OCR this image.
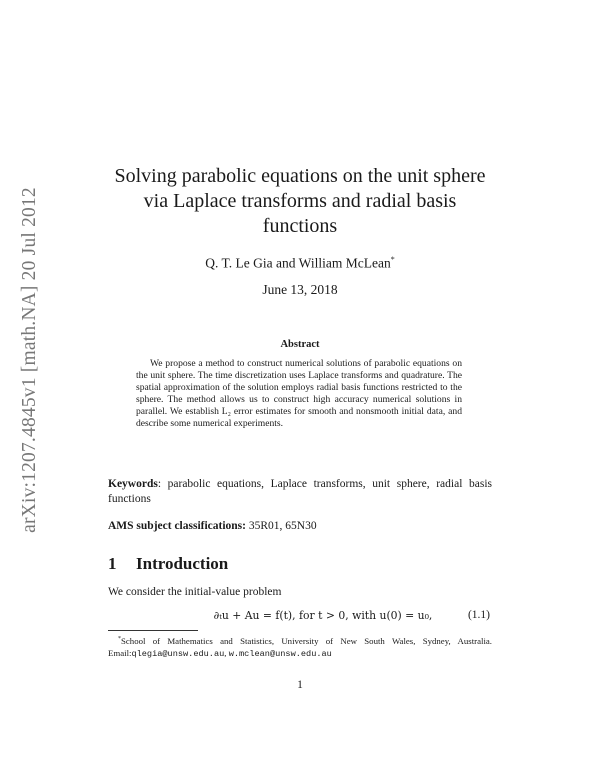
arXiv:1207.4845v1 [math.NA] 20 Jul 2012
Solving parabolic equations on the unit sphere
via Laplace transforms and radial basis
functions
Q. T. Le Gia and William McLean*
June 13, 2018
Abstract
We propose a method to construct numerical solutions of parabolic equations on the unit sphere. The time discretization uses Laplace transforms and quadrature. The spatial approximation of the solution employs radial basis functions restricted to the sphere. The method allows us to construct high accuracy numerical solutions in parallel. We establish L₂ error estimates for smooth and nonsmooth initial data, and describe some numerical experiments.
Keywords: parabolic equations, Laplace transforms, unit sphere, radial basis functions
AMS subject classifications: 35R01, 65N30
1 Introduction
We consider the initial-value problem
∂ₜu + Au = f(t), for t > 0, with u(0) = u₀,	(1.1)
*School of Mathematics and Statistics, University of New South Wales, Sydney, Australia. Email:qlegia@unsw.edu.au, w.mclean@unsw.edu.au
1
